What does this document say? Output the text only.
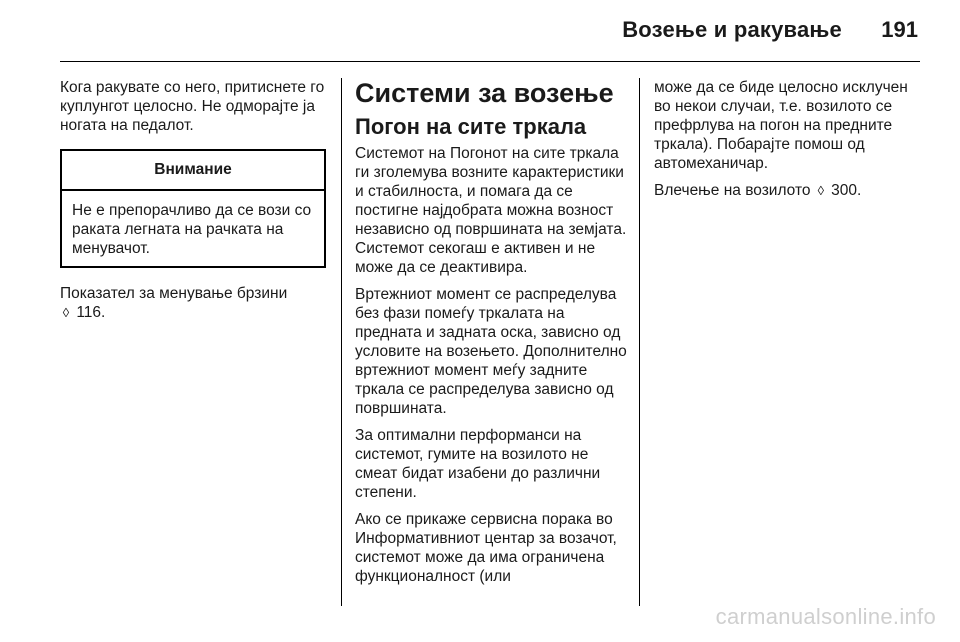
Возење и ракување 191

Кога ракувате со него, притиснете го куплунгот целосно. Не одморајте ја ногата на педалот.

Внимание
Не е препорачливо да се вози со раката легната на рачката на менувачот.

Показател за менување брзини
◊ 116.

Системи за возење
Погон на сите тркала

Системот на Погонот на сите тркала ги зголемува возните карактеристики и стабилноста, и помага да се постигне најдобрата можна возност независно од површината на земјата. Системот секогаш е активен и не може да се деактивира.

Вртежниот момент се распределува без фази помеѓу тркалата на предната и задната оска, зависно од условите на возењето. Дополнително вртежниот момент меѓу задните тркала се распределува зависно од површината.

За оптимални перформанси на системот, гумите на возилото не смеат бидат изабени до различни степени.

Ако се прикаже сервисна порака во Информативниот центар за возачот, системот може да има ограничена функционалност (или

може да се биде целосно исклучен во некои случаи, т.е. возилото се префрлува на погон на предните тркала). Побарајте помош од автомеханичар.

Влечење на возилото ◊ 300.

carmanualsonline.info
